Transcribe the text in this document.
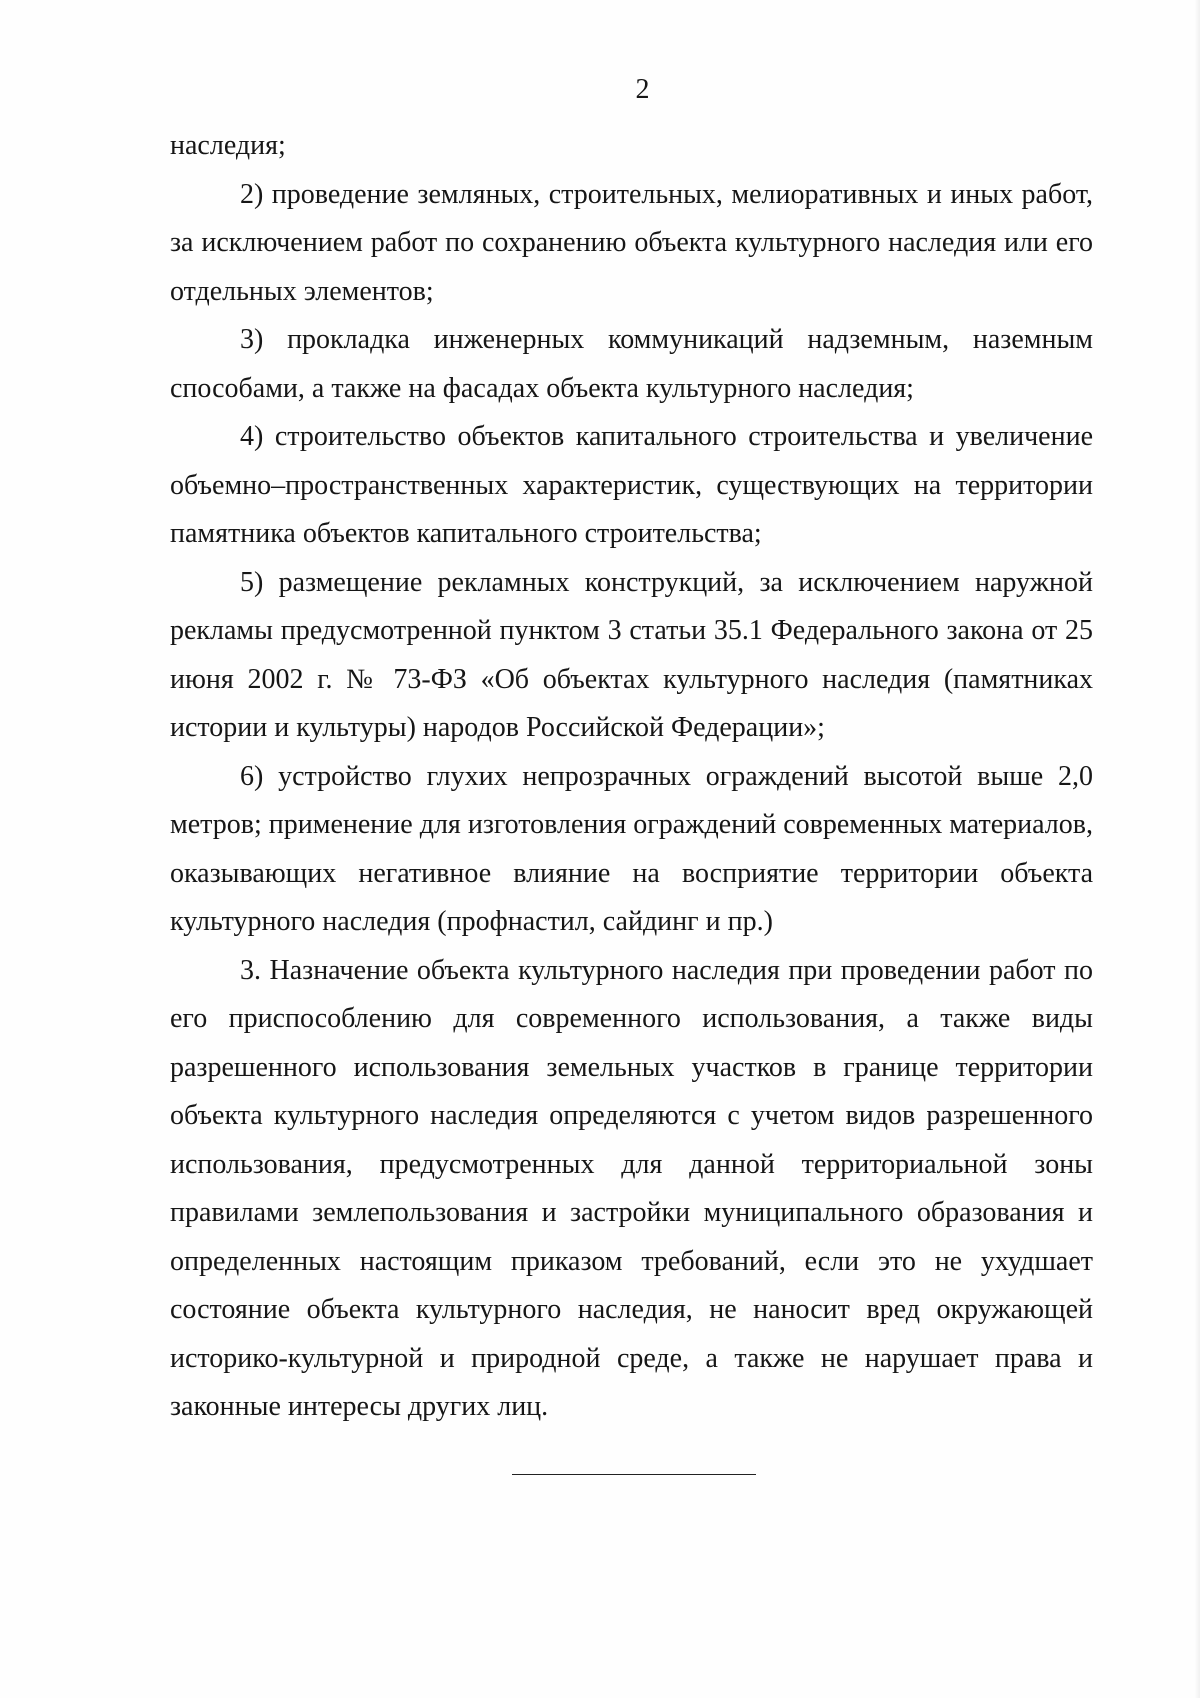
2

наследия;

2) проведение земляных, строительных, мелиоративных и иных работ, за исключением работ по сохранению объекта культурного наследия или его отдельных элементов;

3) прокладка инженерных коммуникаций надземным, наземным способами, а также на фасадах объекта культурного наследия;

4) строительство объектов капитального строительства и увеличение объемно–пространственных характеристик, существующих на территории памятника объектов капитального строительства;

5) размещение рекламных конструкций, за исключением наружной рекламы предусмотренной пунктом 3 статьи 35.1 Федерального закона от 25 июня 2002 г. № 73-ФЗ «Об объектах культурного наследия (памятниках истории и культуры) народов Российской Федерации»;

6) устройство глухих непрозрачных ограждений высотой выше 2,0 метров; применение для изготовления ограждений современных материалов, оказывающих негативное влияние на восприятие территории объекта культурного наследия (профнастил, сайдинг и пр.)

3. Назначение объекта культурного наследия при проведении работ по его приспособлению для современного использования, а также виды разрешенного использования земельных участков в границе территории объекта культурного наследия определяются с учетом видов разрешенного использования, предусмотренных для данной территориальной зоны правилами землепользования и застройки муниципального образования и определенных настоящим приказом требований, если это не ухудшает состояние объекта культурного наследия, не наносит вред окружающей историко-культурной и природной среде, а также не нарушает права и законные интересы других лиц.
